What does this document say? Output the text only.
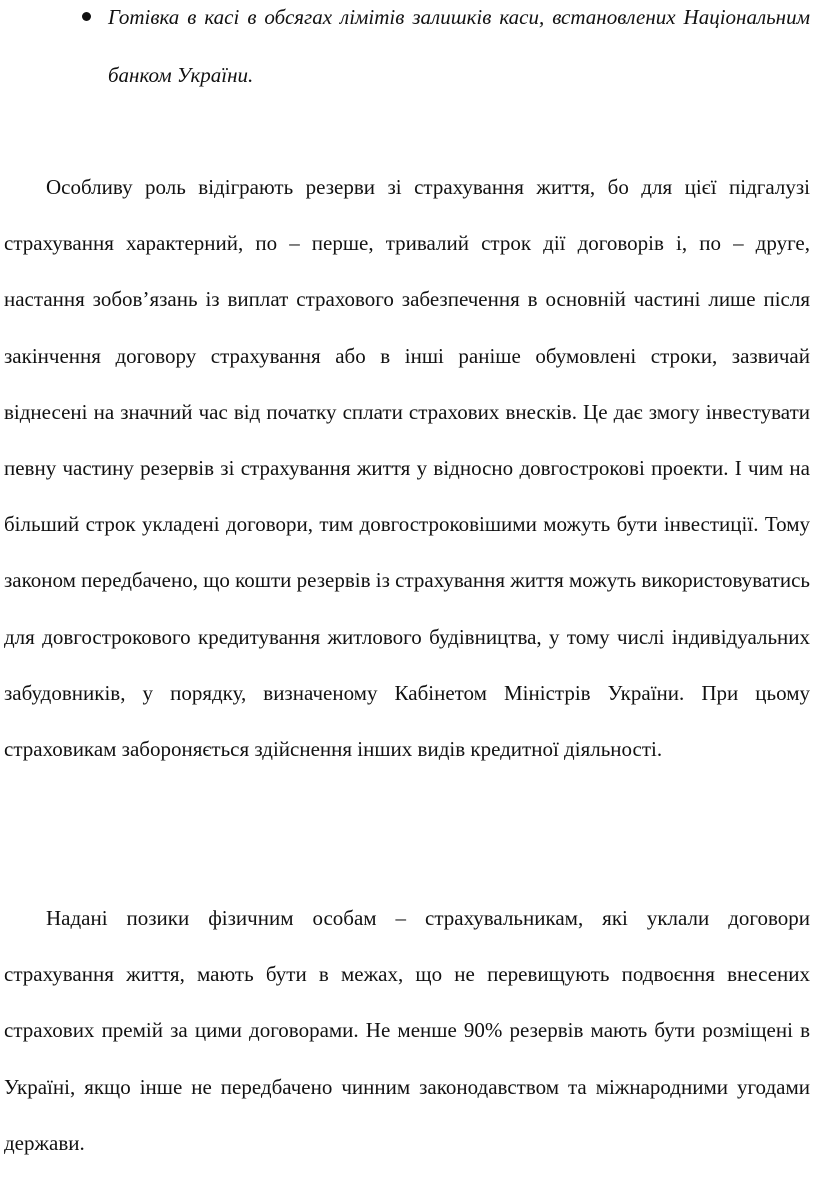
Готівка в касі в обсягах лімітів залишків каси, встановлених Національним банком України.

Особливу роль відіграють резерви зі страхування життя, бо для цієї підгалузі страхування характерний, по – перше, тривалий строк дії договорів і, по – друге, настання зобов’язань із виплат страхового забезпечення в основній частині лише після закінчення договору страхування або в інші раніше обумовлені строки, зазвичай віднесені на значний час від початку сплати страхових внесків. Це дає змогу інвестувати певну частину резервів зі страхування життя у відносно довгострокові проекти. І чим на більший строк укладені договори, тим довгостроковішими можуть бути інвестиції. Тому законом передбачено, що кошти резервів із страхування життя можуть використовуватись для довгострокового кредитування житлового будівництва, у тому числі індивідуальних забудовників, у порядку, визначеному Кабінетом Міністрів України. При цьому страховикам забороняється здійснення інших видів кредитної діяльності.

Надані позики фізичним особам – страхувальникам, які уклали договори страхування життя, мають бути в межах, що не перевищують подвоєння внесених страхових премій за цими договорами. Не менше 90% резервів мають бути розміщені в Україні, якщо інше не передбачено чинним законодавством та міжнародними угодами держави.
